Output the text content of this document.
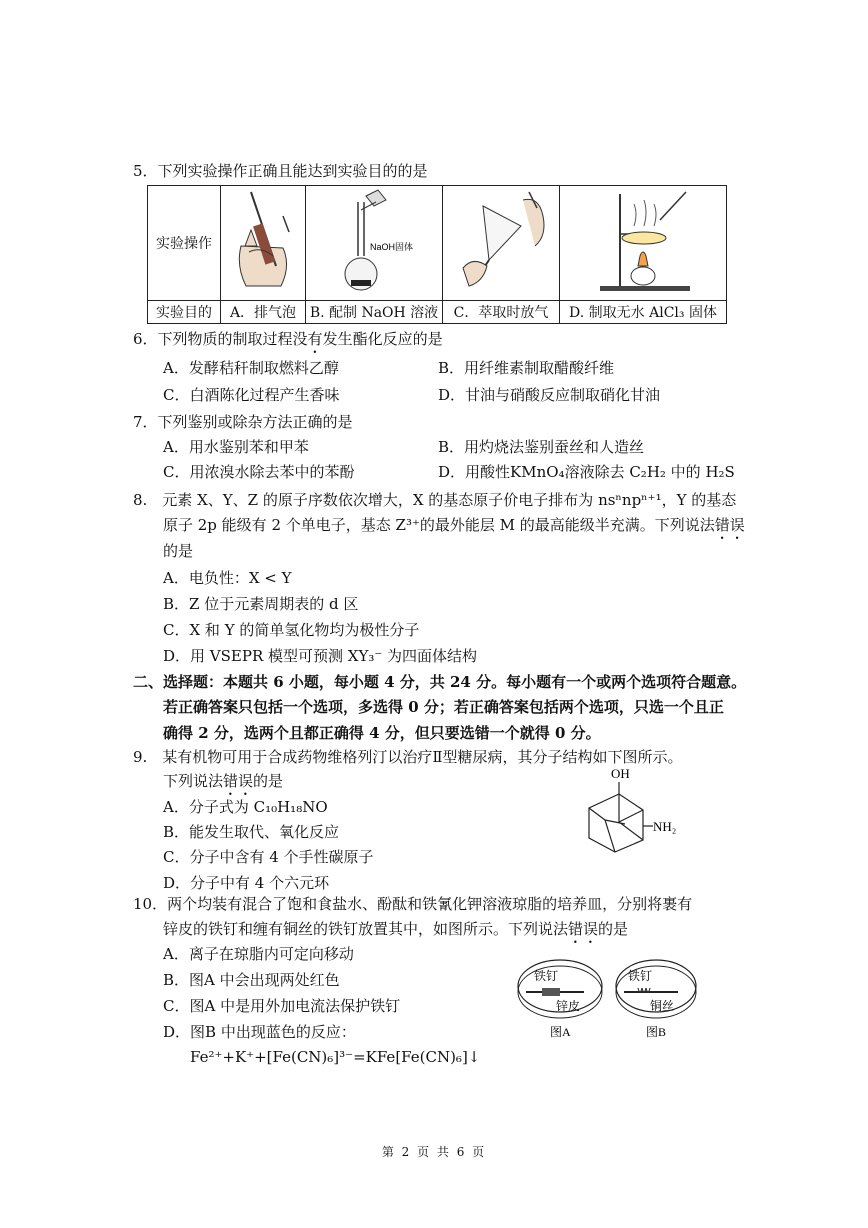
5．下列实验操作正确且能达到实验目的的是
实验操作		NaOH固体

实验目的	A．排气泡	B. 配制 NaOH 溶液	C．萃取时放气	D. 制取无水 AlCl₃ 固体
6．下列物质的制取过程没有发生酯化反应的是
A．发酵秸秆制取燃料乙醇	B．用纤维素制取醋酸纤维
C．白酒陈化过程产生香味	D．甘油与硝酸反应制取硝化甘油
7．下列鉴别或除杂方法正确的是
A．用水鉴别苯和甲苯	B．用灼烧法鉴别蚕丝和人造丝
C．用浓溴水除去苯中的苯酚	D．用酸性KMnO₄溶液除去 C₂H₂ 中的 H₂S
8.　元素 X、Y、Z 的原子序数依次增大，X 的基态原子价电子排布为 nsⁿnpⁿ⁺¹，Y 的基态
原子 2p 能级有 2 个单电子，基态 Z³⁺的最外能层 M 的最高能级半充满。下列说法错误
的是
A．电负性：X < Y
B．Z 位于元素周期表的 d 区
C．X 和 Y 的简单氢化物均为极性分子
D．用 VSEPR 模型可预测 XY₃⁻ 为四面体结构
二、选择题：本题共 6 小题，每小题 4 分，共 24 分。每小题有一个或两个选项符合题意。
若正确答案只包括一个选项，多选得 0 分；若正确答案包括两个选项，只选一个且正
确得 2 分，选两个且都正确得 4 分，但只要选错一个就得 0 分。
9.　某有机物可用于合成药物维格列汀以治疗Ⅱ型糖尿病，其分子结构如下图所示。
下列说法错误的是
A．分子式为 C₁₀H₁₈NO
B．能发生取代、氧化反应
C．分子中含有 4 个手性碳原子
D．分子中有 4 个六元环
OH
NH₂
10．两个均装有混合了饱和食盐水、酚酞和铁氰化钾溶液琼脂的培养皿，分别将裹有
锌皮的铁钉和缠有铜丝的铁钉放置其中，如图所示。下列说法错误的是
A．离子在琼脂内可定向移动
B．图A 中会出现两处红色
C．图A 中是用外加电流法保护铁钉
D．图B 中出现蓝色的反应：
Fe²⁺+K⁺+[Fe(CN)₆]³⁻=KFe[Fe(CN)₆]↓
铁钉
锌皮
图A
铁钉
铜丝
图B
第 2 页 共 6 页
